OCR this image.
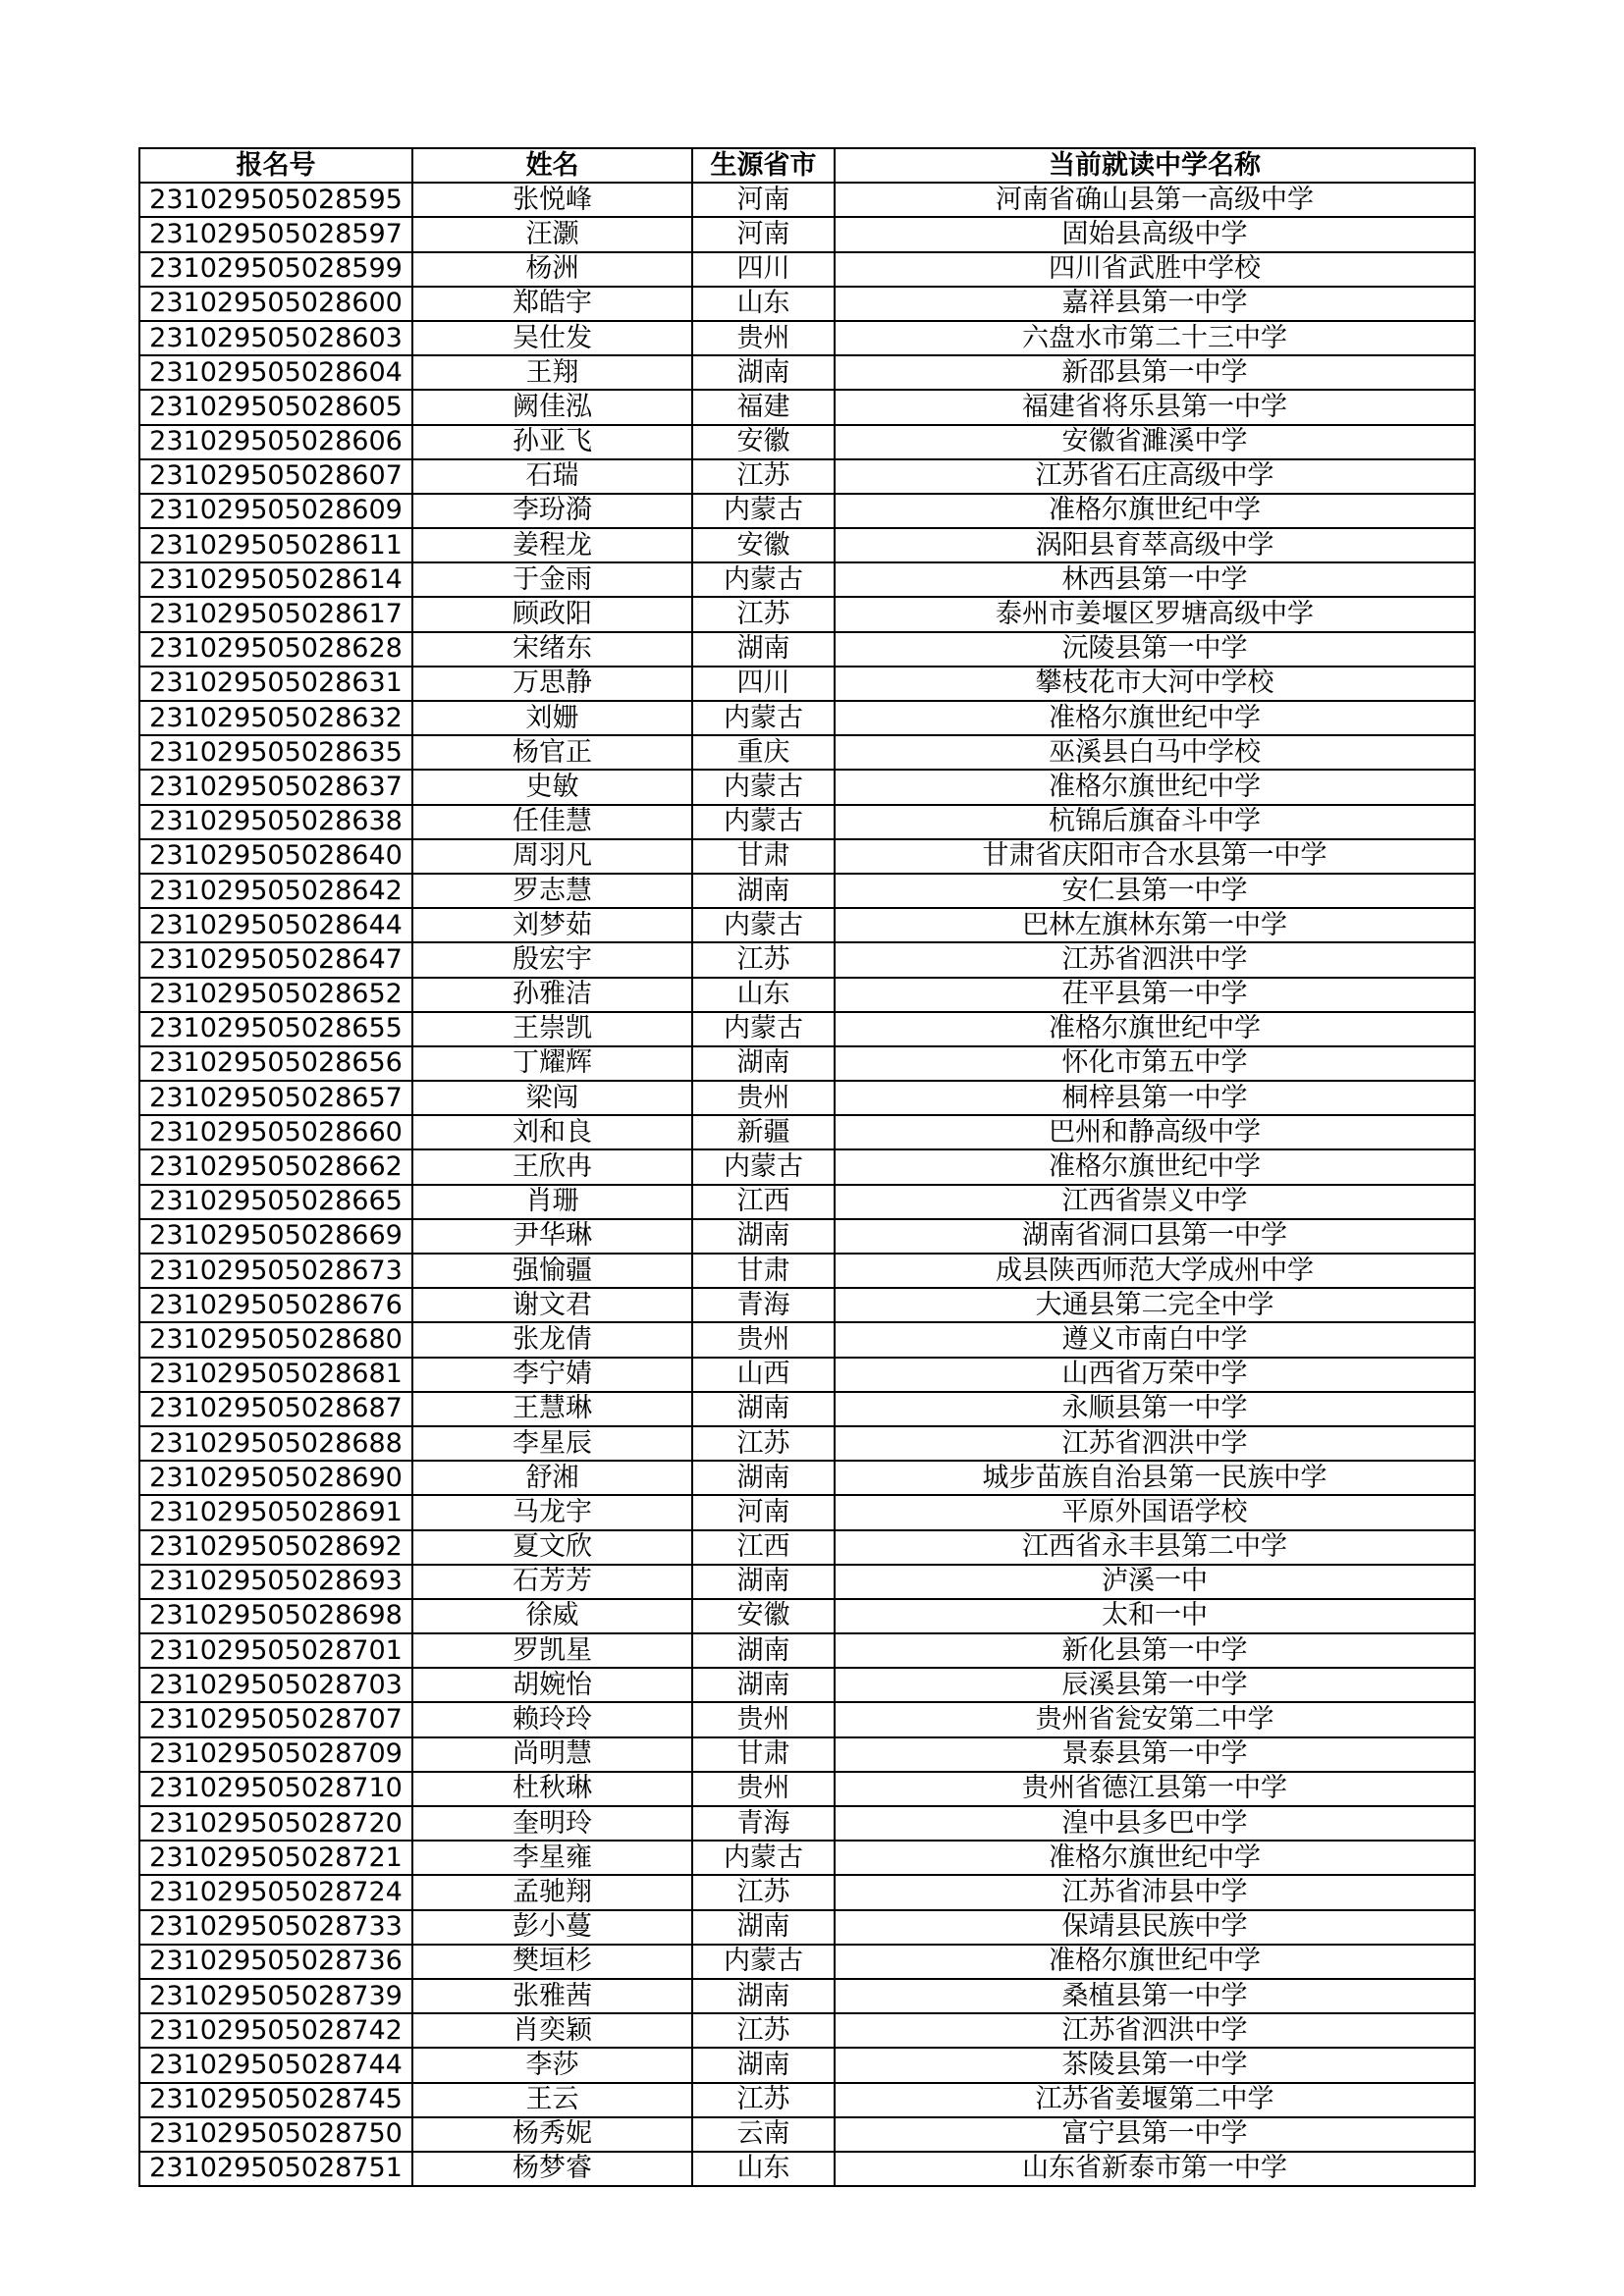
报名号	姓名	生源省市	当前就读中学名称
231029505028595	张悦峰	河南	河南省确山县第一高级中学
231029505028597	汪灏	河南	固始县高级中学
231029505028599	杨洲	四川	四川省武胜中学校
231029505028600	郑皓宇	山东	嘉祥县第一中学
231029505028603	吴仕发	贵州	六盘水市第二十三中学
231029505028604	王翔	湖南	新邵县第一中学
231029505028605	阙佳泓	福建	福建省将乐县第一中学
231029505028606	孙亚飞	安徽	安徽省濉溪中学
231029505028607	石瑞	江苏	江苏省石庄高级中学
231029505028609	李玢漪	内蒙古	准格尔旗世纪中学
231029505028611	姜程龙	安徽	涡阳县育萃高级中学
231029505028614	于金雨	内蒙古	林西县第一中学
231029505028617	顾政阳	江苏	泰州市姜堰区罗塘高级中学
231029505028628	宋绪东	湖南	沅陵县第一中学
231029505028631	万思静	四川	攀枝花市大河中学校
231029505028632	刘姗	内蒙古	准格尔旗世纪中学
231029505028635	杨官正	重庆	巫溪县白马中学校
231029505028637	史敏	内蒙古	准格尔旗世纪中学
231029505028638	任佳慧	内蒙古	杭锦后旗奋斗中学
231029505028640	周羽凡	甘肃	甘肃省庆阳市合水县第一中学
231029505028642	罗志慧	湖南	安仁县第一中学
231029505028644	刘梦茹	内蒙古	巴林左旗林东第一中学
231029505028647	殷宏宇	江苏	江苏省泗洪中学
231029505028652	孙雅洁	山东	茌平县第一中学
231029505028655	王崇凯	内蒙古	准格尔旗世纪中学
231029505028656	丁耀辉	湖南	怀化市第五中学
231029505028657	梁闯	贵州	桐梓县第一中学
231029505028660	刘和良	新疆	巴州和静高级中学
231029505028662	王欣冉	内蒙古	准格尔旗世纪中学
231029505028665	肖珊	江西	江西省崇义中学
231029505028669	尹华琳	湖南	湖南省洞口县第一中学
231029505028673	强愉疆	甘肃	成县陕西师范大学成州中学
231029505028676	谢文君	青海	大通县第二完全中学
231029505028680	张龙倩	贵州	遵义市南白中学
231029505028681	李宁婧	山西	山西省万荣中学
231029505028687	王慧琳	湖南	永顺县第一中学
231029505028688	李星辰	江苏	江苏省泗洪中学
231029505028690	舒湘	湖南	城步苗族自治县第一民族中学
231029505028691	马龙宇	河南	平原外国语学校
231029505028692	夏文欣	江西	江西省永丰县第二中学
231029505028693	石芳芳	湖南	泸溪一中
231029505028698	徐威	安徽	太和一中
231029505028701	罗凯星	湖南	新化县第一中学
231029505028703	胡婉怡	湖南	辰溪县第一中学
231029505028707	赖玲玲	贵州	贵州省瓮安第二中学
231029505028709	尚明慧	甘肃	景泰县第一中学
231029505028710	杜秋琳	贵州	贵州省德江县第一中学
231029505028720	奎明玲	青海	湟中县多巴中学
231029505028721	李星雍	内蒙古	准格尔旗世纪中学
231029505028724	孟驰翔	江苏	江苏省沛县中学
231029505028733	彭小蔓	湖南	保靖县民族中学
231029505028736	樊垣杉	内蒙古	准格尔旗世纪中学
231029505028739	张雅茜	湖南	桑植县第一中学
231029505028742	肖奕颖	江苏	江苏省泗洪中学
231029505028744	李莎	湖南	茶陵县第一中学
231029505028745	王云	江苏	江苏省姜堰第二中学
231029505028750	杨秀妮	云南	富宁县第一中学
231029505028751	杨梦睿	山东	山东省新泰市第一中学
